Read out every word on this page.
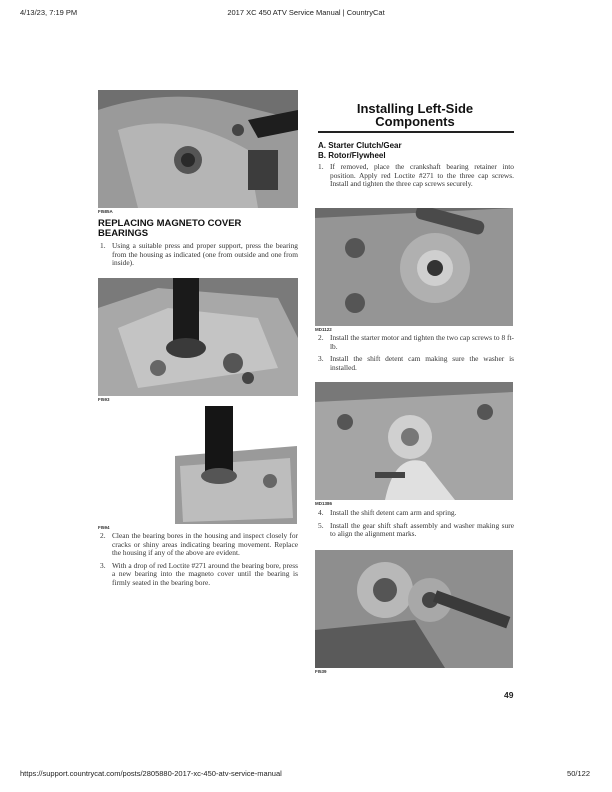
4/13/23, 7:19 PM	2017 XC 450 ATV Service Manual | CountryCat
FI585A
REPLACING MAGNETO COVER
BEARINGS
1. Using a suitable press and proper support, press the bearing from the housing as indicated (one from outside and one from inside).
FI593
FI594
2. Clean the bearing bores in the housing and inspect closely for cracks or shiny areas indicating bearing movement. Replace the housing if any of the above are evident.
3. With a drop of red Loctite #271 around the bearing bore, press a new bearing into the magneto cover until the bearing is firmly seated in the bearing bore.
Installing Left-Side
Components
A. Starter Clutch/Gear
B. Rotor/Flywheel
1. If removed, place the crankshaft bearing retainer into position. Apply red Loctite #271 to the three cap screws. Install and tighten the three cap screws securely.
MD1122
2. Install the starter motor and tighten the two cap screws to 8 ft-lb.
3. Install the shift detent cam making sure the washer is installed.
MD1386
4. Install the shift detent cam arm and spring.
5. Install the gear shift shaft assembly and washer making sure to align the alignment marks.
FI539
49
https://support.countrycat.com/posts/2805880-2017-xc-450-atv-service-manual	50/122
